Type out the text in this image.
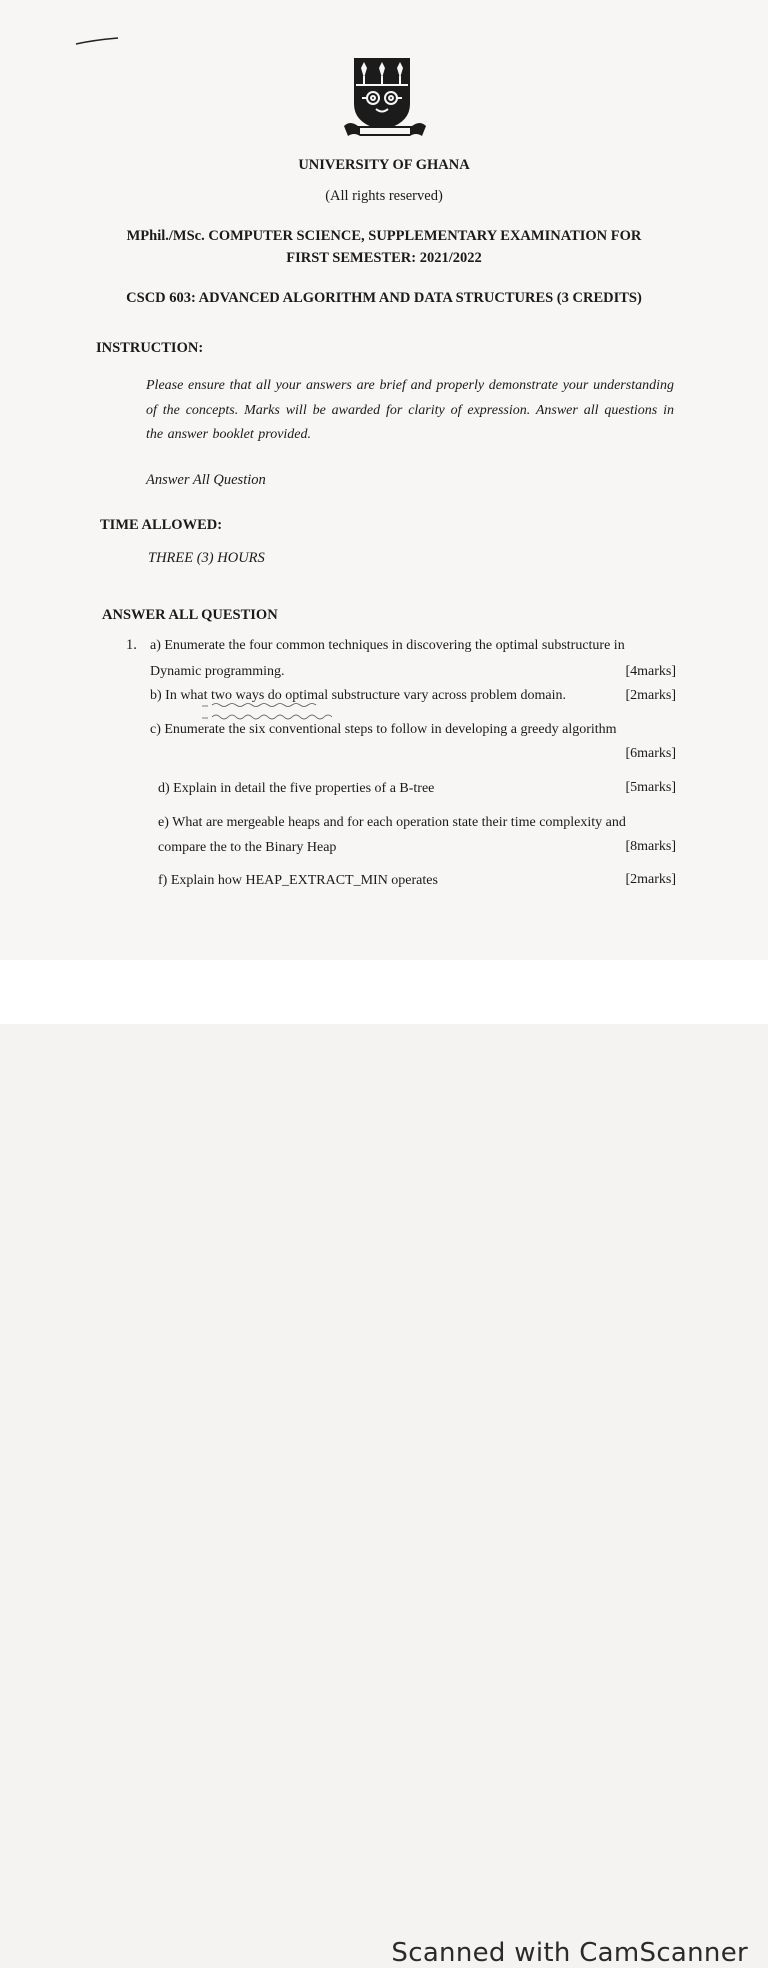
UNIVERSITY OF GHANA
(All rights reserved)
MPhil./MSc. COMPUTER SCIENCE, SUPPLEMENTARY EXAMINATION FOR
FIRST SEMESTER: 2021/2022
CSCD 603: ADVANCED ALGORITHM AND DATA STRUCTURES (3 CREDITS)
INSTRUCTION:
Please ensure that all your answers are brief and properly demonstrate your understanding of the concepts. Marks will be awarded for clarity of expression. Answer all questions in the answer booklet provided.
Answer All Question
TIME ALLOWED:
THREE (3) HOURS
ANSWER ALL QUESTION
1. a) Enumerate the four common techniques in discovering the optimal substructure in
Dynamic programming.	[4marks]
b) In what two ways do optimal substructure vary across problem domain.	[2marks]
c) Enumerate the six conventional steps to follow in developing a greedy algorithm
[6marks]
d) Explain in detail the five properties of a B-tree	[5marks]
e) What are mergeable heaps and for each operation state their time complexity and
compare the to the Binary Heap	[8marks]
f) Explain how HEAP_EXTRACT_MIN operates	[2marks]
Scanned with CamScanner
